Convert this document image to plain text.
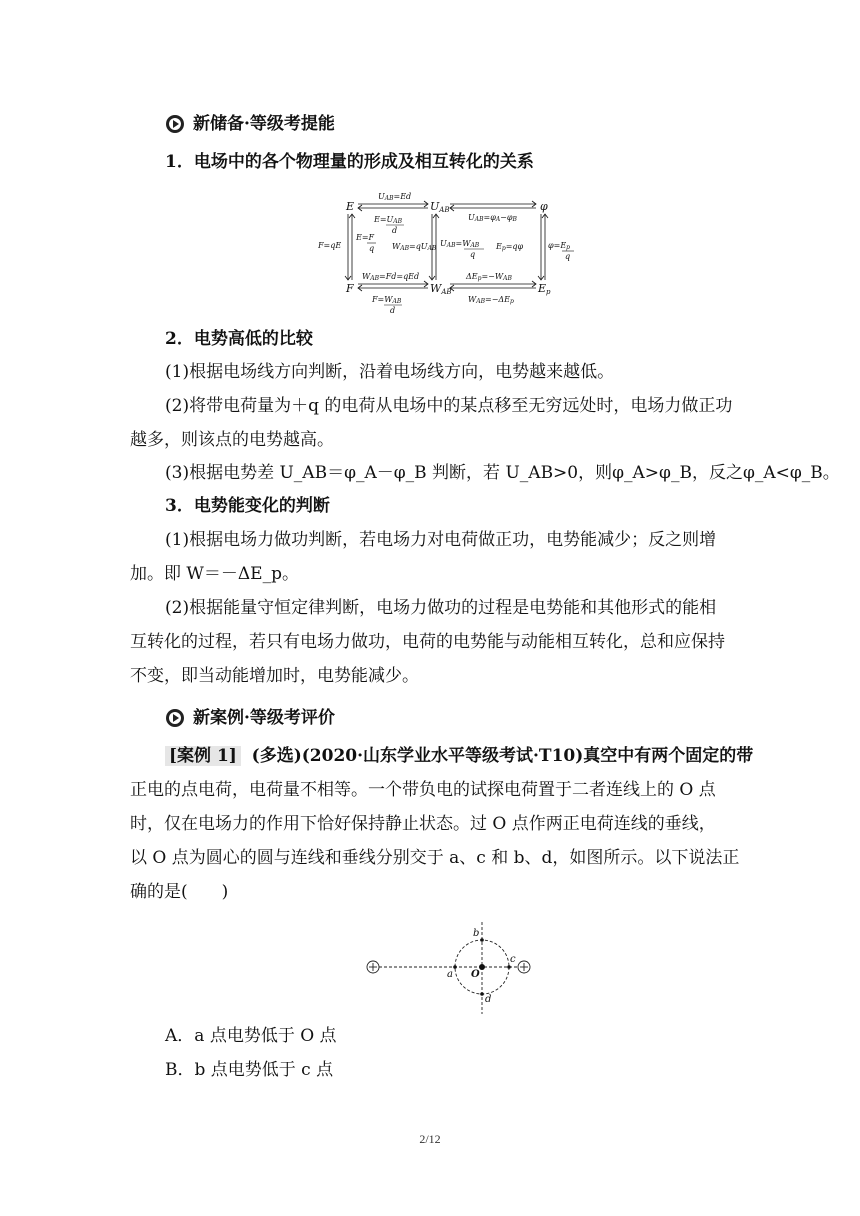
新储备·等级考提能
1．电场中的各个物理量的形成及相互转化的关系
E	UAB	φ
F	WAB	Ep
UAB=Ed
E=UAB
d
UAB=φA−φB
F=qE
E=F
q WAB=qUAB
UAB=WAB
q
Ep=qφ	φ=Ep
q
WAB=Fd=qEd
F=WAB
d
ΔEp=−WAB
WAB=−ΔEp
2．电势高低的比较
(1)根据电场线方向判断，沿着电场线方向，电势越来越低。
(2)将带电荷量为＋q 的电荷从电场中的某点移至无穷远处时，电场力做正功
越多，则该点的电势越高。
(3)根据电势差 U_AB＝φ_A－φ_B 判断，若 U_AB>0，则φ_A>φ_B，反之φ_A<φ_B。
3．电势能变化的判断
(1)根据电场力做功判断，若电场力对电荷做正功，电势能减少；反之则增
加。即 W＝－ΔE_p。
(2)根据能量守恒定律判断，电场力做功的过程是电势能和其他形式的能相
互转化的过程，若只有电场力做功，电荷的电势能与动能相互转化，总和应保持
不变，即当动能增加时，电势能减少。
新案例·等级考评价
[案例 1] (多选)(2020·山东学业水平等级考试·T10)真空中有两个固定的带
正电的点电荷，电荷量不相等。一个带负电的试探电荷置于二者连线上的 O 点
时，仅在电场力的作用下恰好保持静止状态。过 O 点作两正电荷连线的垂线，
以 O 点为圆心的圆与连线和垂线分别交于 a、c 和 b、d，如图所示。以下说法正
确的是(　　)
a
b
c
d
O
A．a 点电势低于 O 点
B．b 点电势低于 c 点
2/12
